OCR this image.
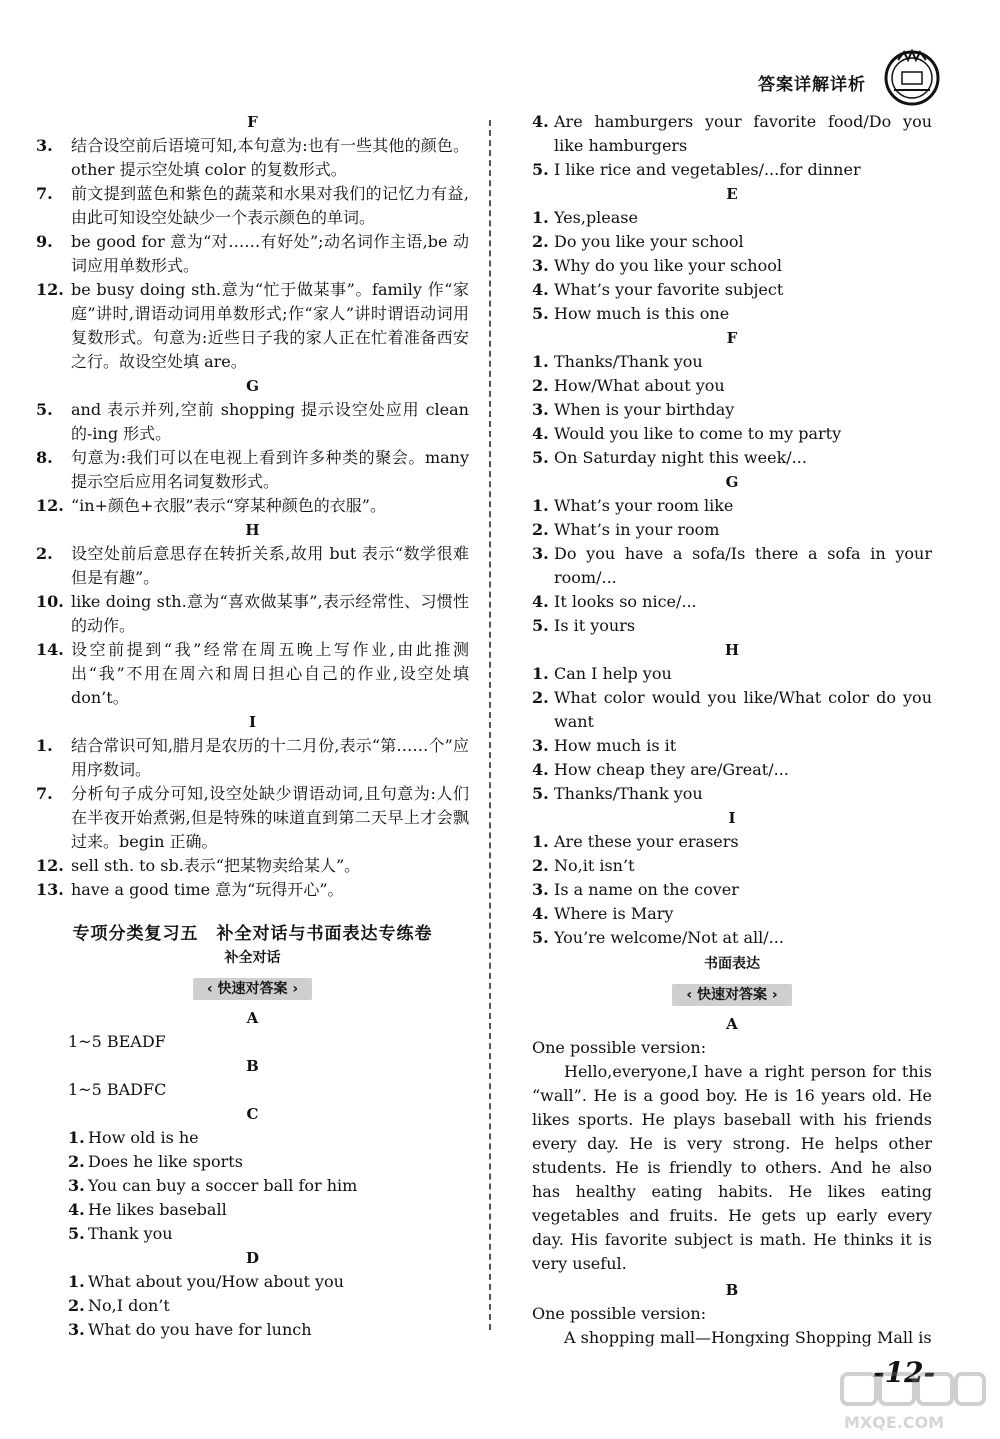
答案详解详析
F
3. 结合设空前后语境可知,本句意为:也有一些其他的颜色。other 提示空处填 color 的复数形式。
7. 前文提到蓝色和紫色的蔬菜和水果对我们的记忆力有益,由此可知设空处缺少一个表示颜色的单词。
9. be good for 意为“对……有好处”;动名词作主语,be 动词应用单数形式。
12. be busy doing sth.意为“忙于做某事”。family 作“家庭”讲时,谓语动词用单数形式;作“家人”讲时谓语动词用复数形式。句意为:近些日子我的家人正在忙着准备西安之行。故设空处填 are。
G
5. and 表示并列,空前 shopping 提示设空处应用 clean 的-ing 形式。
8. 句意为:我们可以在电视上看到许多种类的聚会。many 提示空后应用名词复数形式。
12. “in+颜色+衣服”表示“穿某种颜色的衣服”。
H
2. 设空处前后意思存在转折关系,故用 but 表示“数学很难但是有趣”。
10. like doing sth.意为“喜欢做某事”,表示经常性、习惯性的动作。
14. 设空前提到“我”经常在周五晚上写作业,由此推测出“我”不用在周六和周日担心自己的作业,设空处填 don’t。
I
1. 结合常识可知,腊月是农历的十二月份,表示“第……个”应用序数词。
7. 分析句子成分可知,设空处缺少谓语动词,且句意为:人们在半夜开始煮粥,但是特殊的味道直到第二天早上才会飘过来。begin 正确。
12. sell sth. to sb.表示“把某物卖给某人”。
13. have a good time 意为“玩得开心”。
专项分类复习五　补全对话与书面表达专练卷
补全对话
‹ 快速对答案 ›
A
1~5 BEADF
B
1~5 BADFC
C
1. How old is he
2. Does he like sports
3. You can buy a soccer ball for him
4. He likes baseball
5. Thank you
D
1. What about you/How about you
2. No,I don’t
3. What do you have for lunch
4. Are hamburgers your favorite food/Do you like hamburgers
5. I like rice and vegetables/...for dinner
E
1. Yes,please
2. Do you like your school
3. Why do you like your school
4. What’s your favorite subject
5. How much is this one
F
1. Thanks/Thank you
2. How/What about you
3. When is your birthday
4. Would you like to come to my party
5. On Saturday night this week/...
G
1. What’s your room like
2. What’s in your room
3. Do you have a sofa/Is there a sofa in your room/...
4. It looks so nice/...
5. Is it yours
H
1. Can I help you
2. What color would you like/What color do you want
3. How much is it
4. How cheap they are/Great/...
5. Thanks/Thank you
I
1. Are these your erasers
2. No,it isn’t
3. Is a name on the cover
4. Where is Mary
5. You’re welcome/Not at all/...
书面表达
‹ 快速对答案 ›
A
One possible version:
Hello,everyone,I have a right person for this “wall”. He is a good boy. He is 16 years old. He likes sports. He plays baseball with his friends every day. He is very strong. He helps other students. He is friendly to others. And he also has healthy eating habits. He likes eating vegetables and fruits. He gets up early every day. His favorite subject is math. He thinks it is very useful.
B
One possible version:
A shopping mall—Hongxing Shopping Mall is
-12-
MXQE.COM
